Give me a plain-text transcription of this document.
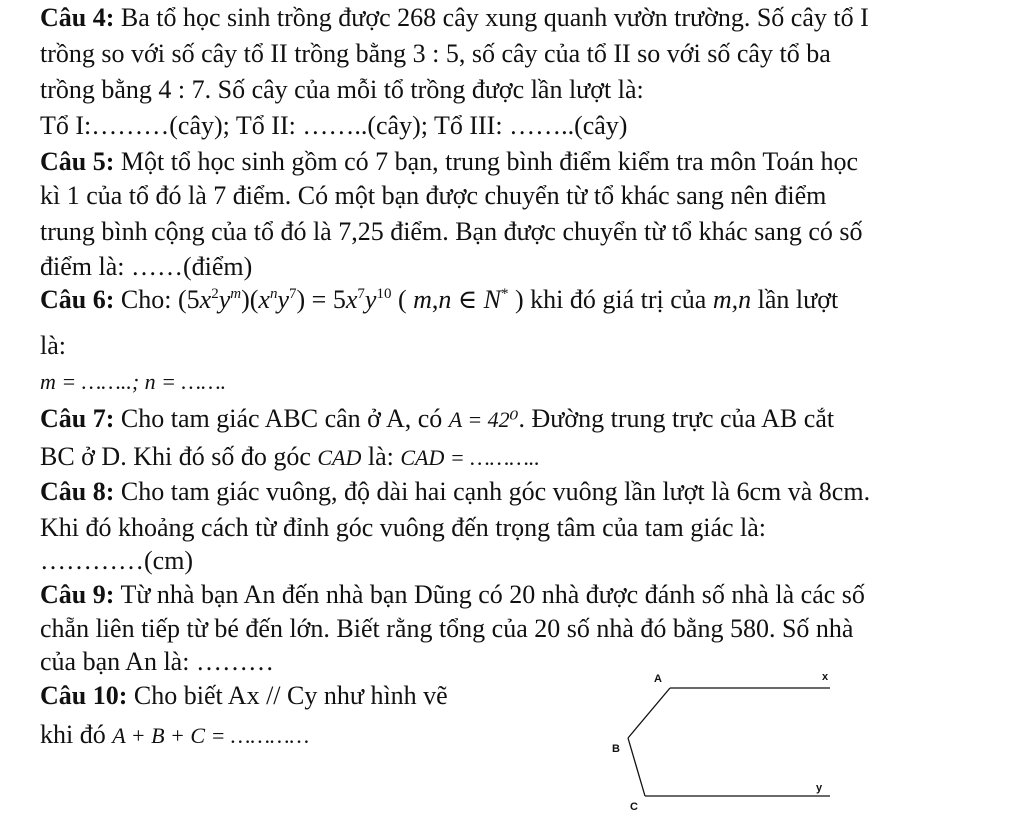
Câu 4: Ba tổ học sinh trồng được 268 cây xung quanh vườn trường. Số cây tổ I
trồng so với số cây tổ II trồng bằng 3 : 5, số cây của tổ II so với số cây tổ ba
trồng bằng 4 : 7. Số cây của mỗi tổ trồng được lần lượt là:
Tổ I:………(cây); Tổ II: ……..(cây); Tổ III: ……..(cây)
Câu 5: Một tổ học sinh gồm có 7 bạn, trung bình điểm kiểm tra môn Toán học
kì 1 của tổ đó là 7 điểm. Có một bạn được chuyển từ tổ khác sang nên điểm
trung bình cộng của tổ đó là 7,25 điểm. Bạn được chuyển từ tổ khác sang có số
điểm là: ……(điểm)
Câu 6: Cho: $(5x^2y^m)(x^ny^7) = 5x^7y^{10}$ ( m,n ∈ N* ) khi đó giá trị của m,n lần lượt
là:
m = ……..; n = …….
Câu 7: Cho tam giác ABC cân ở A, có A = 42⁰. Đường trung trực của AB cắt
BC ở D. Khi đó số đo góc CAD là: CAD = ………..
Câu 8: Cho tam giác vuông, độ dài hai cạnh góc vuông lần lượt là 6cm và 8cm.
Khi đó khoảng cách từ đỉnh góc vuông đến trọng tâm của tam giác là:
…………(cm)
Câu 9: Từ nhà bạn An đến nhà bạn Dũng có 20 nhà được đánh số nhà là các số
chẵn liên tiếp từ bé đến lớn. Biết rằng tổng của 20 số nhà đó bằng 580. Số nhà
của bạn An là: ………
Câu 10: Cho biết Ax // Cy như hình vẽ
khi đó A + B + C = …………
A	x
B
C
y
